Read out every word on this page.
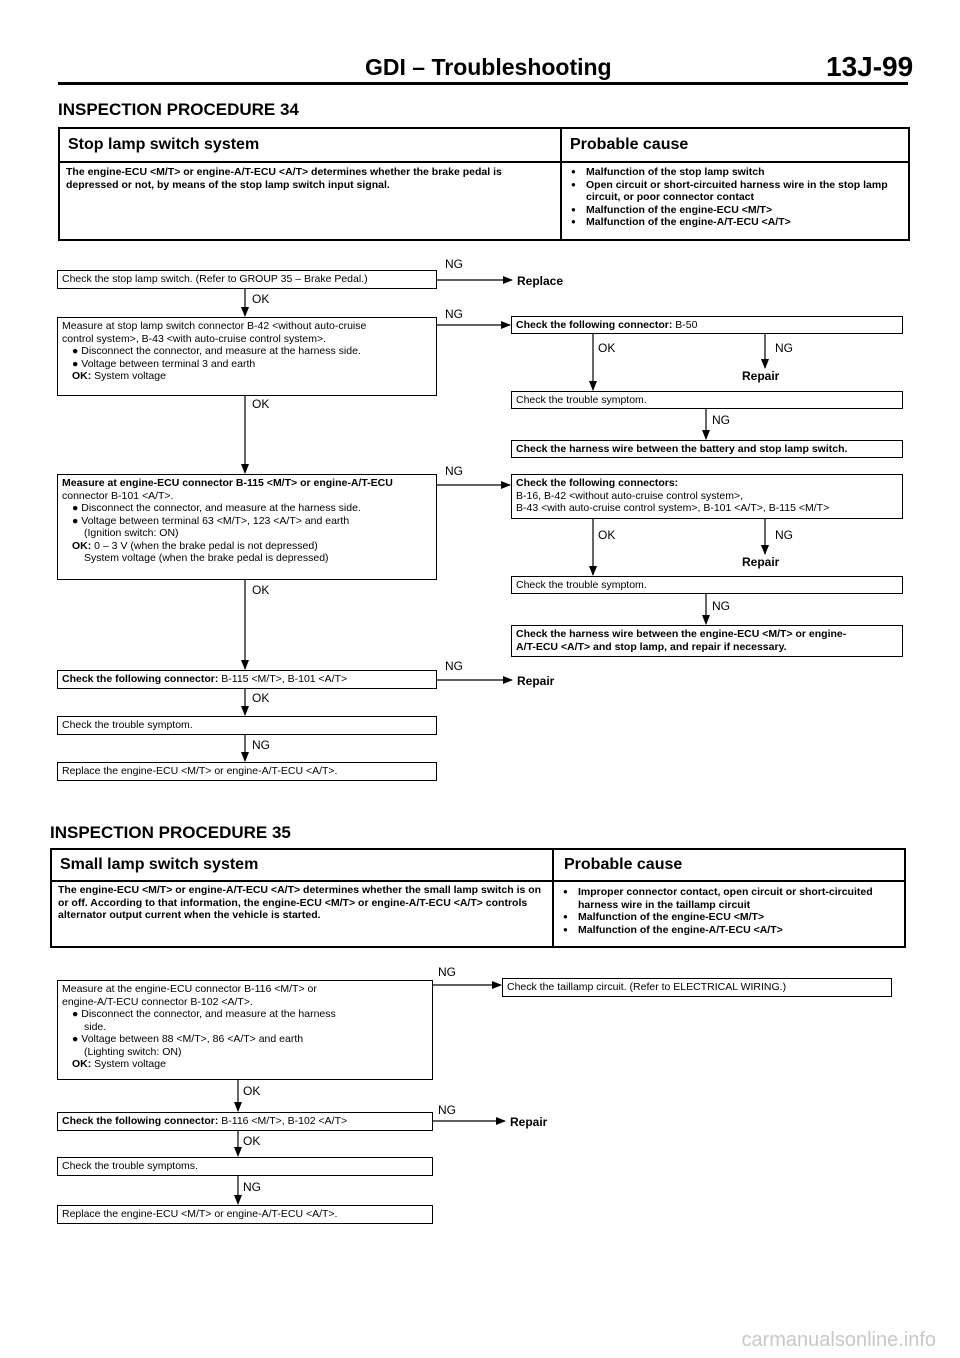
GDI – Troubleshooting	13J-99
INSPECTION PROCEDURE 34
Stop lamp switch system	Probable cause
The engine-ECU <M/T> or engine-A/T-ECU <A/T> determines whether the brake pedal is depressed or not, by means of the stop lamp switch input signal.
● Malfunction of the stop lamp switch
● Open circuit or short-circuited harness wire in the stop lamp circuit, or poor connector contact
● Malfunction of the engine-ECU <M/T>
● Malfunction of the engine-A/T-ECU <A/T>
Check the stop lamp switch. (Refer to GROUP 35 – Brake Pedal.)
NG
Replace
OK
Measure at stop lamp switch connector B-42 <without auto-cruise
control system>, B-43 <with auto-cruise control system>.
● Disconnect the connector, and measure at the harness side.
● Voltage between terminal 3 and earth
OK: System voltage
NG
OK
Check the following connector: B-50
OK	NG
Repair
Check the trouble symptom.
NG
Check the harness wire between the battery and stop lamp switch.
Measure at engine-ECU connector B-115 <M/T> or engine-A/T-ECU
connector B-101 <A/T>.
● Disconnect the connector, and measure at the harness side.
● Voltage between terminal 63 <M/T>, 123 <A/T> and earth
(Ignition switch: ON)
OK: 0 – 3 V (when the brake pedal is not depressed)
System voltage (when the brake pedal is depressed)
NG
OK
Check the following connectors:
B-16, B-42 <without auto-cruise control system>,
B-43 <with auto-cruise control system>, B-101 <A/T>, B-115 <M/T>
OK	NG
Repair
Check the trouble symptom.
NG
Check the harness wire between the engine-ECU <M/T> or engine-
A/T-ECU <A/T> and stop lamp, and repair if necessary.
Check the following connector: B-115 <M/T>, B-101 <A/T>
NG
Repair
OK
Check the trouble symptom.
NG
Replace the engine-ECU <M/T> or engine-A/T-ECU <A/T>.
INSPECTION PROCEDURE 35
Small lamp switch system	Probable cause
The engine-ECU <M/T> or engine-A/T-ECU <A/T> determines whether the small lamp switch is on or off. According to that information, the engine-ECU <M/T> or engine-A/T-ECU <A/T> controls alternator output current when the vehicle is started.
● Improper connector contact, open circuit or short-circuited harness wire in the taillamp circuit
● Malfunction of the engine-ECU <M/T>
● Malfunction of the engine-A/T-ECU <A/T>
Measure at the engine-ECU connector B-116 <M/T> or
engine-A/T-ECU connector B-102 <A/T>.
● Disconnect the connector, and measure at the harness
side.
● Voltage between 88 <M/T>, 86 <A/T> and earth
(Lighting switch: ON)
OK: System voltage
NG
Check the taillamp circuit. (Refer to ELECTRICAL WIRING.)
OK
Check the following connector: B-116 <M/T>, B-102 <A/T>
NG
Repair
OK
Check the trouble symptoms.
NG
Replace the engine-ECU <M/T> or engine-A/T-ECU <A/T>.
carmanualsonline.info
